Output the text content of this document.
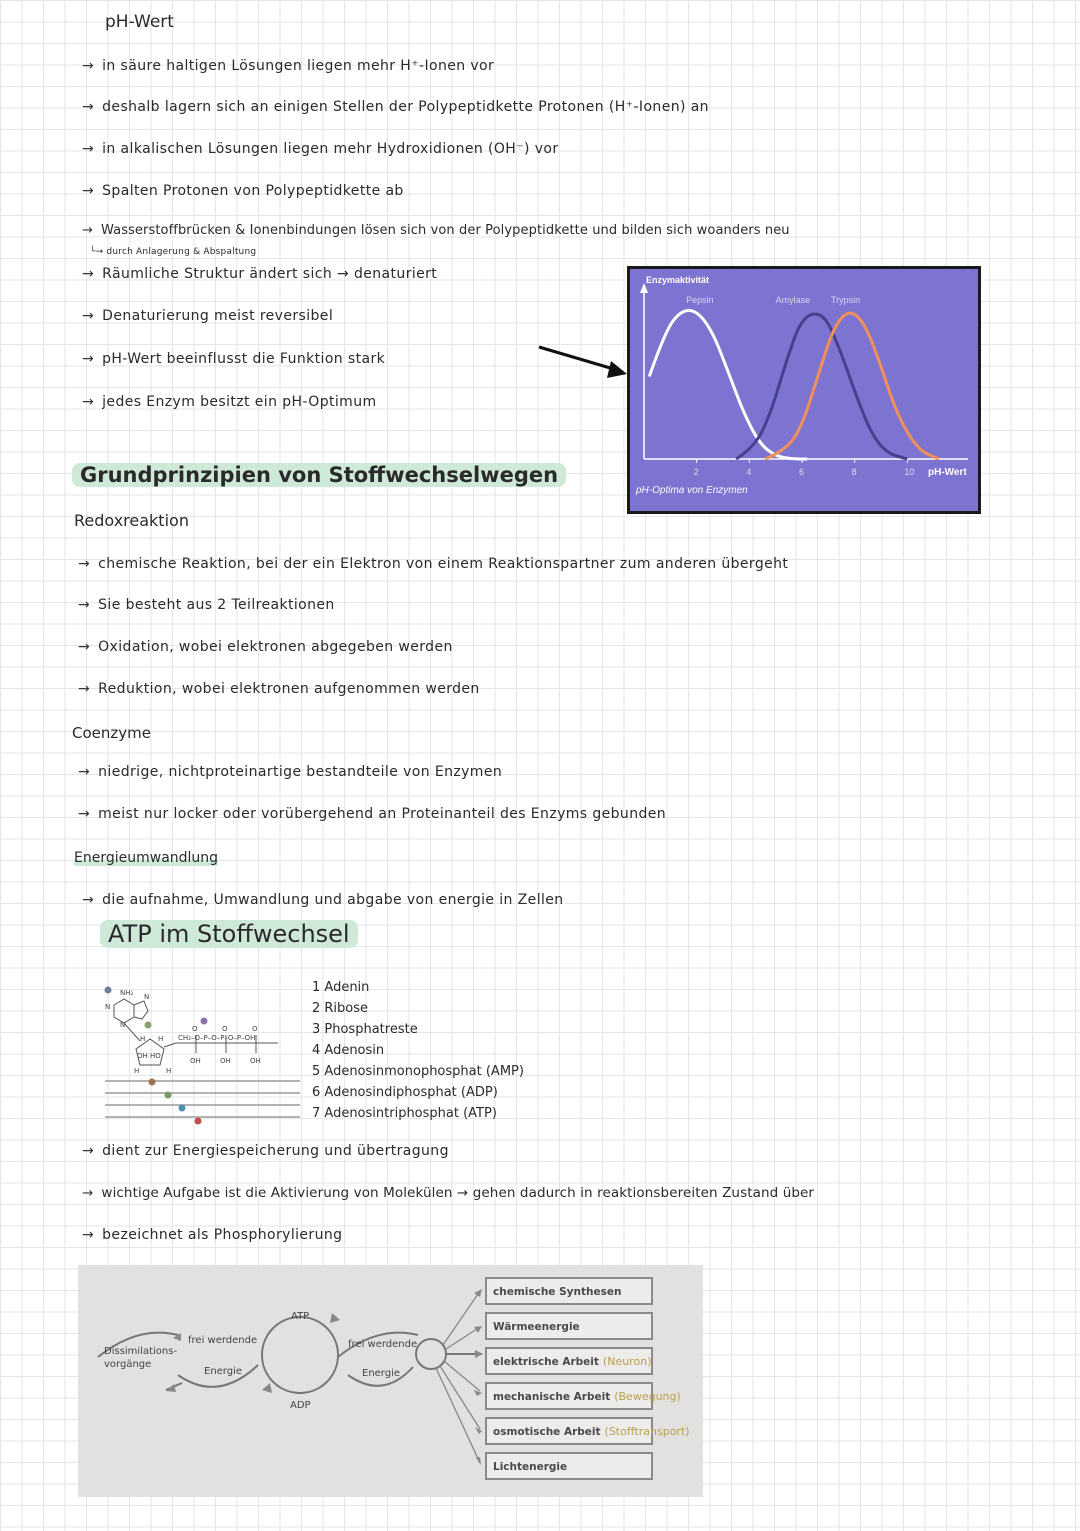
pH-Wert
→ in säure haltigen Lösungen liegen mehr H⁺-Ionen vor
→ deshalb lagern sich an einigen Stellen der Polypeptidkette Protonen (H⁺-Ionen) an
→ in alkalischen Lösungen liegen mehr Hydroxidionen (OH⁻) vor
→ Spalten Protonen von Polypeptidkette ab
→ Wasserstoffbrücken & Ionenbindungen lösen sich von der Polypeptidkette und bilden sich woanders neu
└→ durch Anlagerung & Abspaltung
→ Räumliche Struktur ändert sich → denaturiert
→ Denaturierung meist reversibel
→ pH-Wert beeinflusst die Funktion stark
→ jedes Enzym besitzt ein pH-Optimum
Enzymaktivität
2	4	6	8	10 pH-Wert
pH-Optima von Enzymen
Pepsin	Amylase Trypsin
Grundprinzipien von Stoffwechselwegen
Redoxreaktion
→ chemische Reaktion, bei der ein Elektron von einem Reaktionspartner zum anderen übergeht
→ Sie besteht aus 2 Teilreaktionen
→ Oxidation, wobei elektronen abgegeben werden
→ Reduktion, wobei elektronen aufgenommen werden
Coenzyme
→ niedrige, nichtproteinartige bestandteile von Enzymen
→ meist nur locker oder vorübergehend an Proteinanteil des Enzyms gebunden
Energieumwandlung
→ die aufnahme, Umwandlung und abgabe von energie in Zellen
ATP im Stoffwechsel
NH₂
N
N
N
OH HO
H	H
H H CH₂–O–P–O–P–O–P–OH
O	O	O
OH	OH	OH
1 Adenin
2 Ribose
3 Phosphatreste
4 Adenosin
5 Adenosinmonophosphat (AMP)
6 Adenosindiphosphat (ADP)
7 Adenosintriphosphat (ATP)
→ dient zur Energiespeicherung und übertragung
→ wichtige Aufgabe ist die Aktivierung von Molekülen → gehen dadurch in reaktionsbereiten Zustand über
→ bezeichnet als Phosphorylierung
Dissimilations-vorgänge
frei werdende
Energie
ATP
ADP
frei werdende
Energie
chemische Synthesen
Wärmeenergie
elektrische Arbeit (Neuron)
mechanische Arbeit (Bewegung)
osmotische Arbeit (Stofftransport)
Lichtenergie
